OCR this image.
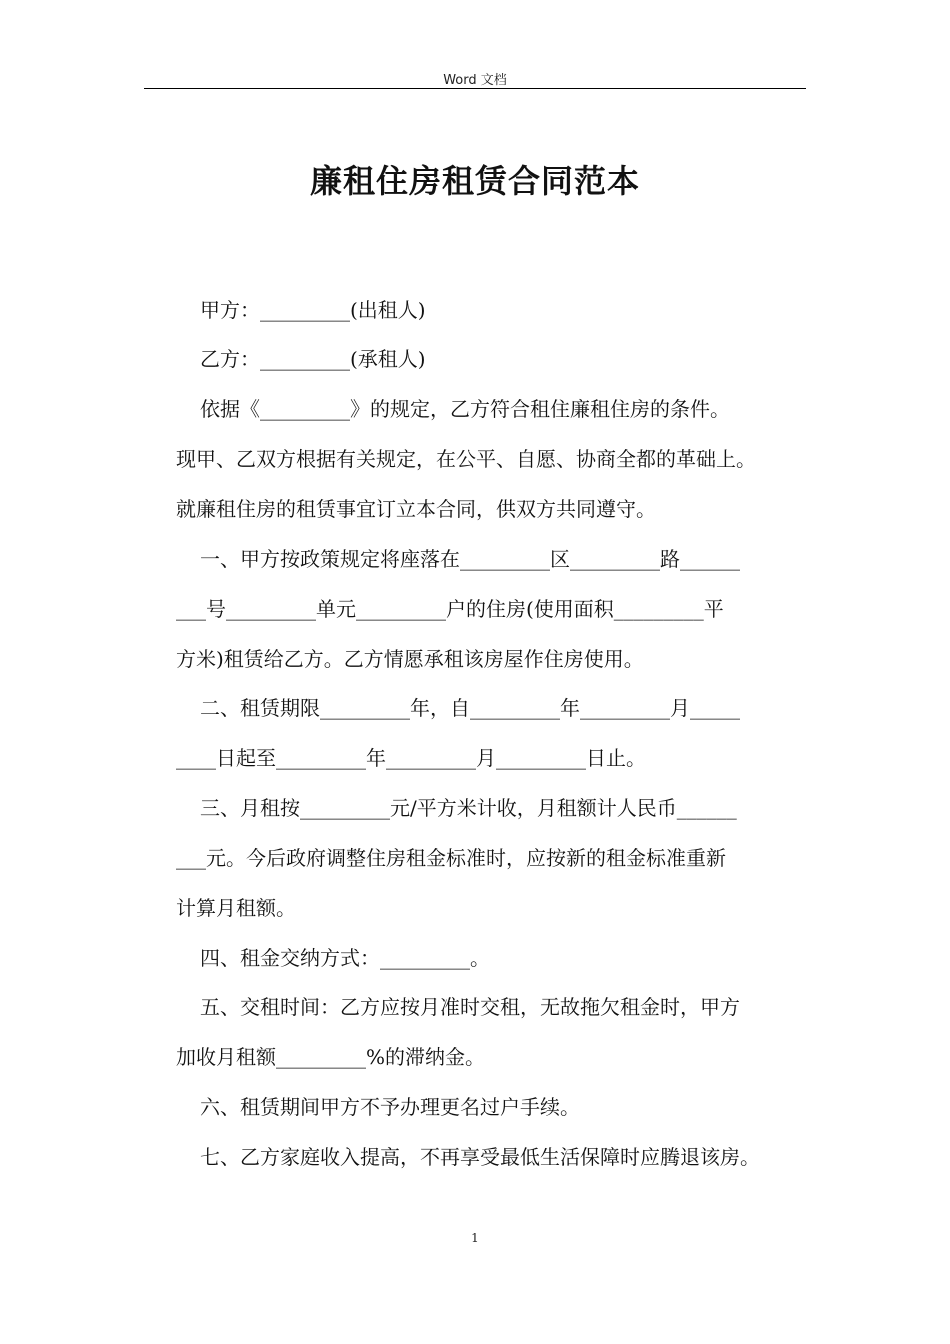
Word 文档
廉租住房租赁合同范本
甲方：_________(出租人)
乙方：_________(承租人)
依据《_________》的规定，乙方符合租住廉租住房的条件。
现甲、乙双方根据有关规定，在公平、自愿、协商全都的革础上。
就廉租住房的租赁事宜订立本合同，供双方共同遵守。
一、甲方按政策规定将座落在_________区_________路______
___号_________单元_________户的住房(使用面积_________平
方米)租赁给乙方。乙方情愿承租该房屋作住房使用。
二、租赁期限_________年，自_________年_________月_____
____日起至_________年_________月_________日止。
三、月租按_________元/平方米计收，月租额计人民币______
___元。今后政府调整住房租金标准时，应按新的租金标准重新
计算月租额。
四、租金交纳方式：_________。
五、交租时间：乙方应按月准时交租，无故拖欠租金时，甲方
加收月租额_________%的滞纳金。
六、租赁期间甲方不予办理更名过户手续。
七、乙方家庭收入提高，不再享受最低生活保障时应腾退该房。
1
